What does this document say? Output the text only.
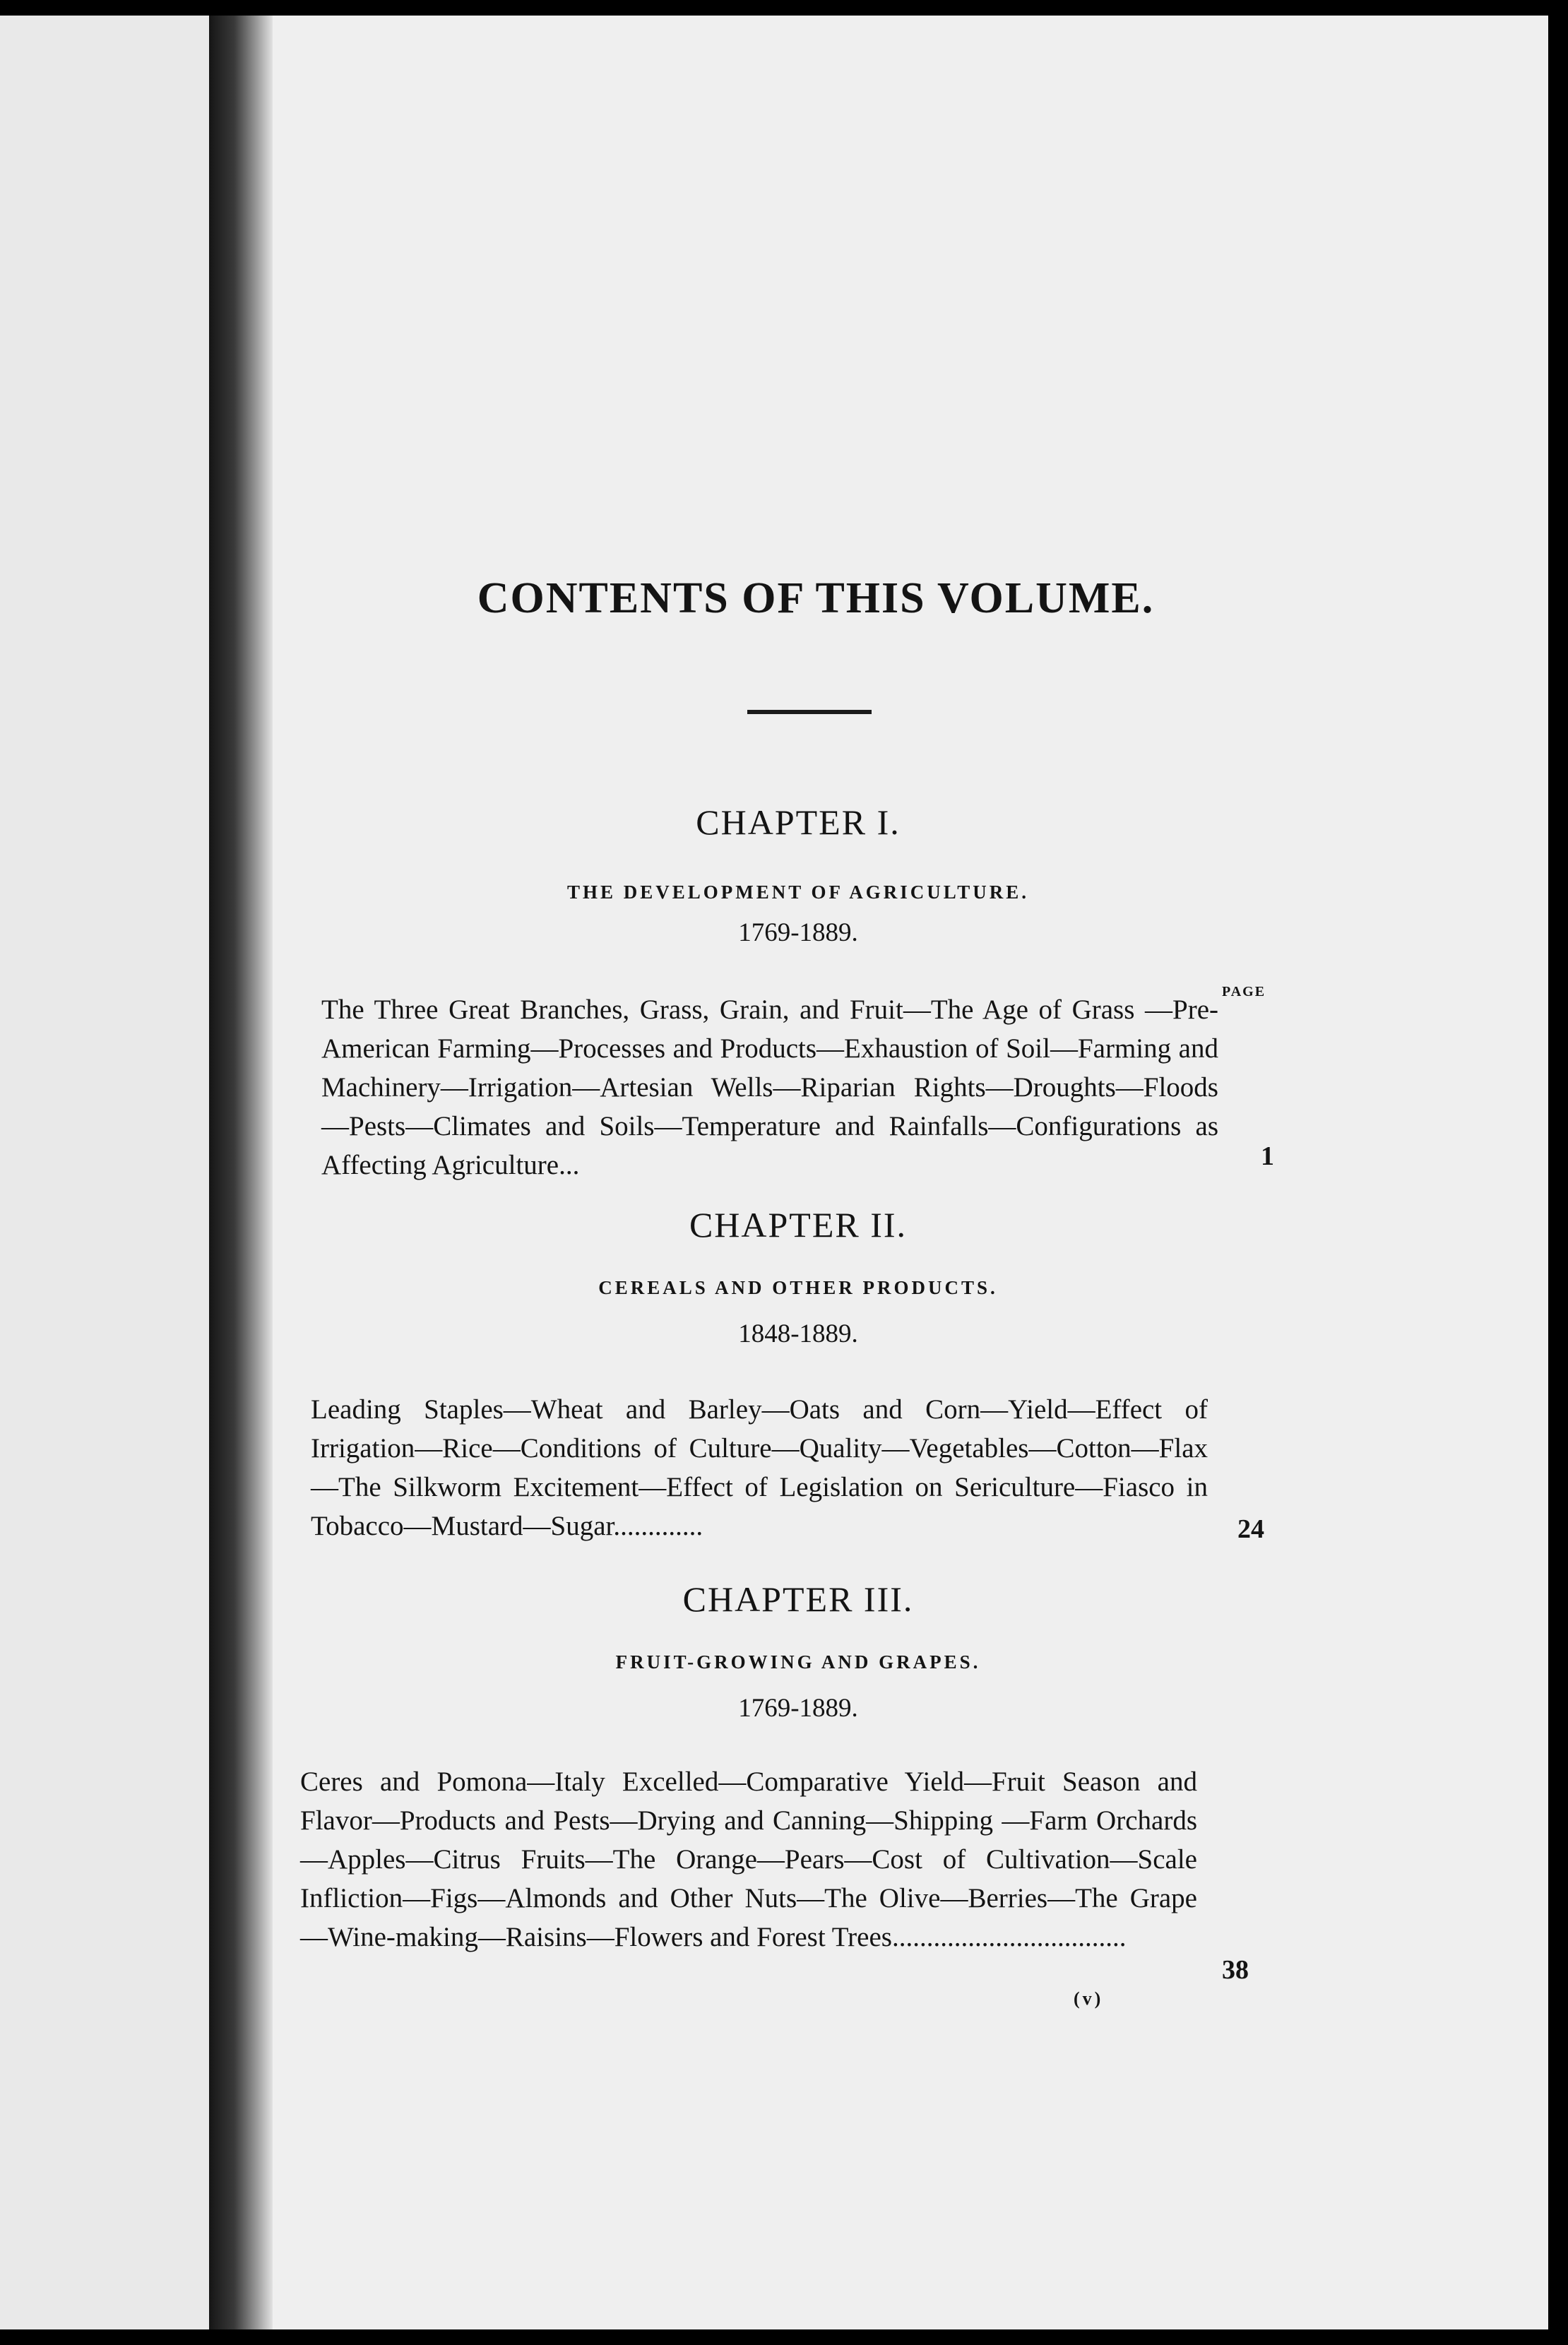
CONTENTS OF THIS VOLUME.
PAGE
CHAPTER I.

THE DEVELOPMENT OF AGRICULTURE.

1769-1889.

The Three Great Branches, Grass, Grain, and Fruit—The Age of Grass —Pre-American Farming—Processes and Products—Exhaustion of Soil—Farming and Machinery—Irrigation—Artesian Wells—Riparian Rights—Droughts—Floods—Pests—Climates and Soils—Temperature and Rainfalls—Configurations as Affecting Agriculture...	1
CHAPTER II.

CEREALS AND OTHER PRODUCTS.

1848-1889.

Leading Staples—Wheat and Barley—Oats and Corn—Yield—Effect of Irrigation—Rice—Conditions of Culture—Quality—Vegetables—Cotton—Flax—The Silkworm Excitement—Effect of Legislation on Sericulture—Fiasco in Tobacco—Mustard—Sugar.............	24
CHAPTER III.

FRUIT-GROWING AND GRAPES.

1769-1889.

Ceres and Pomona—Italy Excelled—Comparative Yield—Fruit Season and Flavor—Products and Pests—Drying and Canning—Shipping —Farm Orchards—Apples—Citrus Fruits—The Orange—Pears—Cost of Cultivation—Scale Infliction—Figs—Almonds and Other Nuts—The Olive—Berries—The Grape—Wine-making—Raisins—Flowers and Forest Trees..................................

38
(v)
